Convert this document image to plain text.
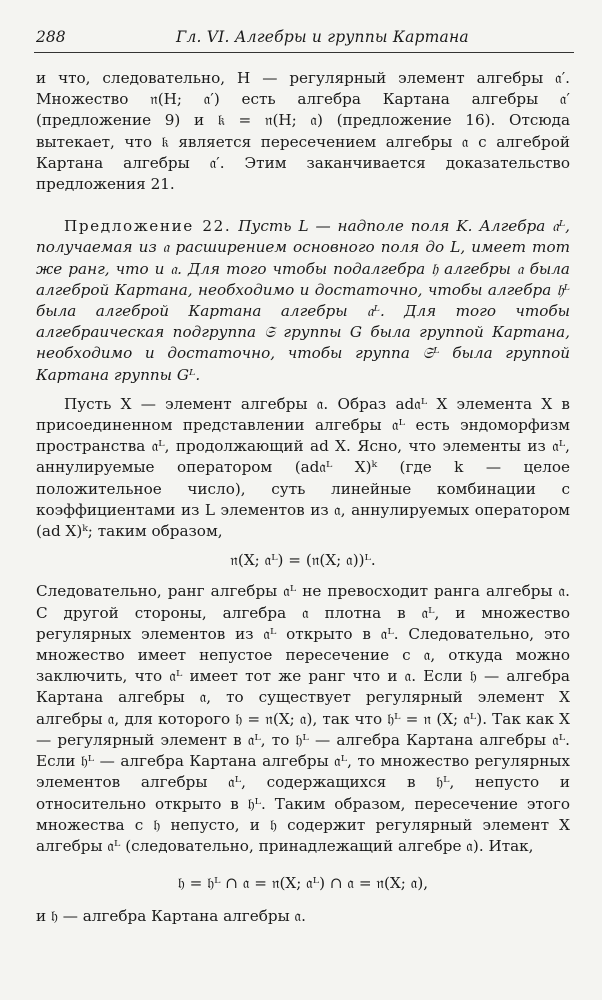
288	Гл. VI. Алгебры и группы Картана

и что, следовательно, H — регулярный элемент алгебры 𝔞′. Множество 𝔫(H; 𝔞′) есть алгебра Картана алгебры 𝔞′ (предложение 9) и 𝔨 = 𝔫(H; 𝔞) (предложение 16). Отсюда вытекает, что 𝔨 является пересечением алгебры 𝔞 с алгеброй Картана алгебры 𝔞′. Этим заканчивается доказательство предложения 21.

Предложение 22. Пусть L — надполе поля K. Алгебра 𝔞ᴸ, получаемая из 𝔞 расширением основного поля до L, имеет тот же ранг, что и 𝔞. Для того чтобы подалгебра 𝔥 алгебры 𝔞 была алгеброй Картана, необходимо и достаточно, чтобы алгебра 𝔥ᴸ была алгеброй Картана алгебры 𝔞ᴸ. Для того чтобы алгебраическая подгруппа 𝔖 группы G была группой Картана, необходимо и достаточно, чтобы группа 𝔖ᴸ была группой Картана группы Gᴸ.

Пусть X — элемент алгебры 𝔞. Образ ad𝔞ᴸ X элемента X в присоединенном представлении алгебры 𝔞ᴸ есть эндоморфизм пространства 𝔞ᴸ, продолжающий ad X. Ясно, что элементы из 𝔞ᴸ, аннулируемые оператором (ad𝔞ᴸ X)ᵏ (где k — целое положительное число), суть линейные комбинации с коэффициентами из L элементов из 𝔞, аннулируемых оператором (ad X)ᵏ; таким образом,

𝔫(X; 𝔞ᴸ) = (𝔫(X; 𝔞))ᴸ.

Следовательно, ранг алгебры 𝔞ᴸ не превосходит ранга алгебры 𝔞. С другой стороны, алгебра 𝔞 плотна в 𝔞ᴸ, и множество регулярных элементов из 𝔞ᴸ открыто в 𝔞ᴸ. Следовательно, это множество имеет непустое пересечение с 𝔞, откуда можно заключить, что 𝔞ᴸ имеет тот же ранг что и 𝔞. Если 𝔥 — алгебра Картана алгебры 𝔞, то существует регулярный элемент X алгебры 𝔞, для которого 𝔥 = 𝔫(X; 𝔞), так что 𝔥ᴸ = 𝔫 (X; 𝔞ᴸ). Так как X — регулярный элемент в 𝔞ᴸ, то 𝔥ᴸ — алгебра Картана алгебры 𝔞ᴸ. Если 𝔥ᴸ — алгебра Картана алгебры 𝔞ᴸ, то множество регулярных элементов алгебры 𝔞ᴸ, содержащихся в 𝔥ᴸ, непусто и относительно открыто в 𝔥ᴸ. Таким образом, пересечение этого множества с 𝔥 непусто, и 𝔥 содержит регулярный элемент X алгебры 𝔞ᴸ (следовательно, принадлежащий алгебре 𝔞). Итак,

𝔥 = 𝔥ᴸ ∩ 𝔞 = 𝔫(X; 𝔞ᴸ) ∩ 𝔞 = 𝔫(X; 𝔞),

и 𝔥 — алгебра Картана алгебры 𝔞.
